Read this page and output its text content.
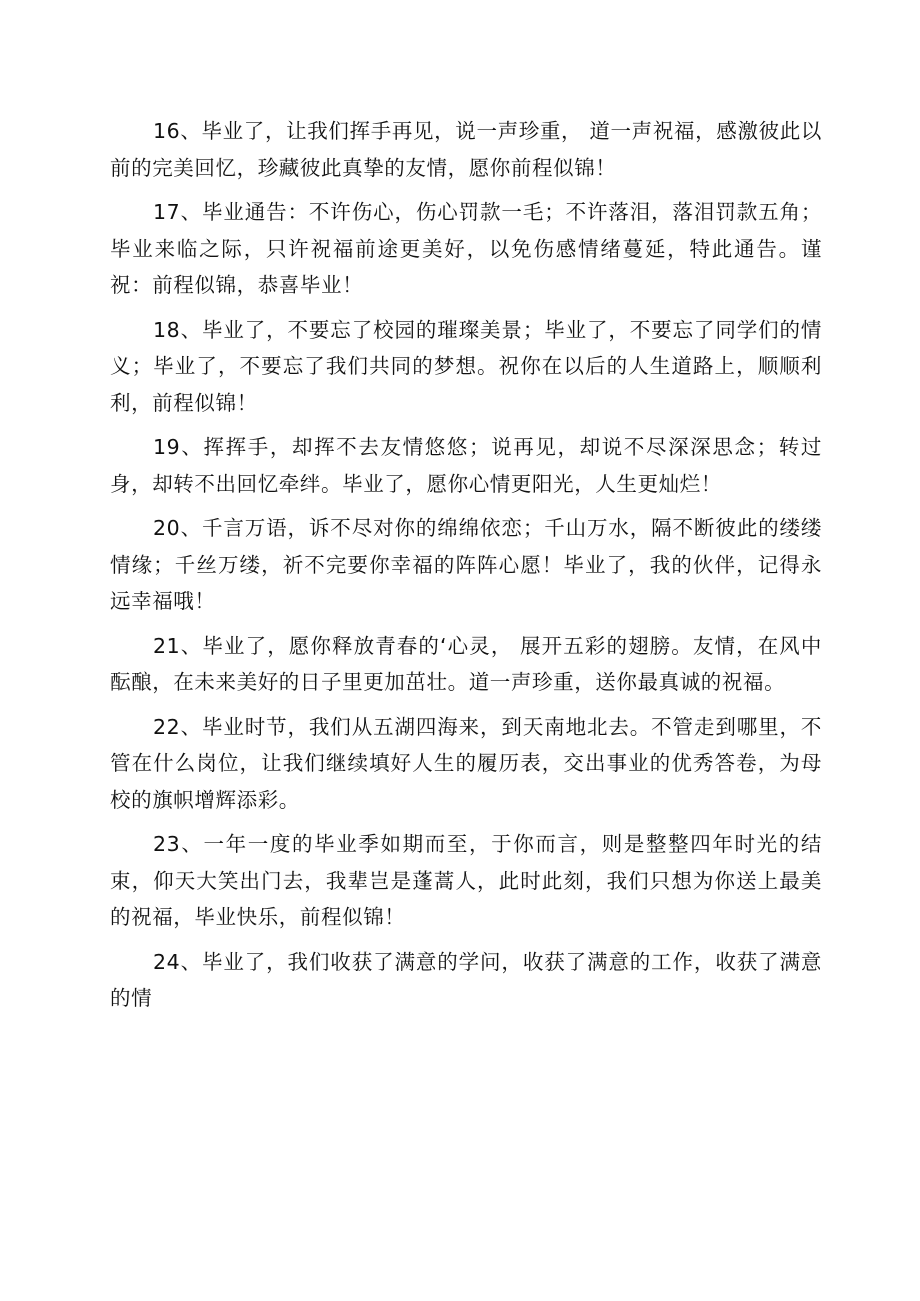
16、毕业了，让我们挥手再见，说一声珍重， 道一声祝福，感激彼此以前的完美回忆，珍藏彼此真挚的友情，愿你前程似锦！

17、毕业通告：不许伤心，伤心罚款一毛；不许落泪，落泪罚款五角；毕业来临之际，只许祝福前途更美好，以免伤感情绪蔓延，特此通告。谨祝：前程似锦，恭喜毕业！

18、毕业了，不要忘了校园的璀璨美景；毕业了，不要忘了同学们的情义；毕业了，不要忘了我们共同的梦想。祝你在以后的人生道路上，顺顺利利，前程似锦！

19、挥挥手，却挥不去友情悠悠；说再见，却说不尽深深思念；转过身，却转不出回忆牵绊。毕业了，愿你心情更阳光，人生更灿烂！

20、千言万语，诉不尽对你的绵绵依恋；千山万水，隔不断彼此的缕缕情缘；千丝万缕，祈不完要你幸福的阵阵心愿！毕业了，我的伙伴，记得永远幸福哦！

21、毕业了，愿你释放青春的‘心灵， 展开五彩的翅膀。友情，在风中酝酿，在未来美好的日子里更加茁壮。道一声珍重，送你最真诚的祝福。

22、毕业时节，我们从五湖四海来，到天南地北去。不管走到哪里，不管在什么岗位，让我们继续填好人生的履历表，交出事业的优秀答卷，为母校的旗帜增辉添彩。

23、一年一度的毕业季如期而至，于你而言，则是整整四年时光的结束，仰天大笑出门去，我辈岂是蓬蒿人，此时此刻，我们只想为你送上最美的祝福，毕业快乐，前程似锦！

24、毕业了，我们收获了满意的学问，收获了满意的工作，收获了满意的情
